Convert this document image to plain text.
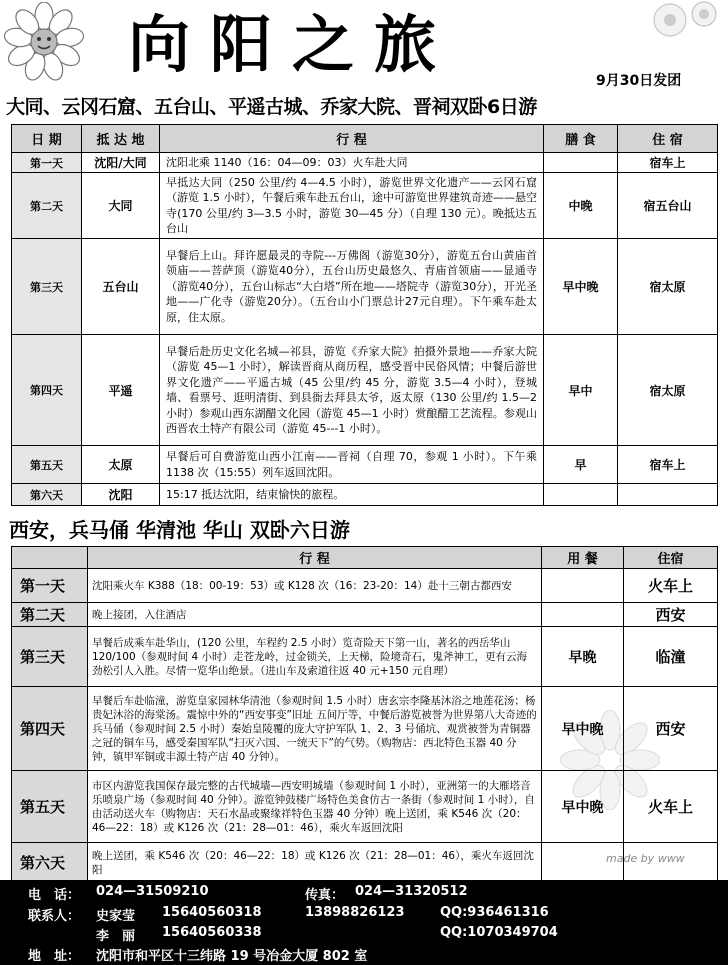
向阳之旅	9月30日发团
大同、云冈石窟、五台山、平遥古城、乔家大院、晋祠双卧6日游
日 期	抵 达 地	行 程	膳 食	住 宿
第一天	沈阳/大同	沈阳北乘 1140（16：04—09：03）火车赴大同		宿车上
第二天	大同	早抵达大同（250 公里/约 4—4.5 小时），游览世界文化遗产——云冈石窟（游览 1.5 小时），午餐后乘车赴五台山，途中可游览世界建筑奇迹——悬空寺(170 公里/约 3—3.5 小时，游览 30—45 分）（自理 130 元）。晚抵达五台山	中晚	宿五台山
第三天	五台山	早餐后上山。拜许愿最灵的寺院---万佛阁（游览30分），游览五台山黄庙首领庙——菩萨顶（游览40分），五台山历史最悠久、青庙首领庙——显通寺（游览40分），五台山标志“大白塔”所在地——塔院寺（游览30分），开光圣地——广化寺（游览20分）。（五台山小门票总计27元自理）。下午乘车赴太原，住太原。	早中晚	宿太原
第四天	平遥	早餐后赴历史文化名城—祁县，游览《乔家大院》拍摄外景地——乔家大院（游览 45—1 小时），解读晋商从商历程，感受晋中民俗风情；中餐后游世界文化遗产——平遥古城（45 公里/约 45 分，游览 3.5—4 小时），登城墙、看票号、逛明清街、到县衙去拜县太爷，返太原（130 公里/约 1.5—2 小时）参观山西东湖醋文化园（游览 45—1 小时）赏酿醋工艺流程。参观山西晋农土特产有限公司（游览 45---1 小时）。	早中	宿太原
第五天	太原	早餐后可自费游览山西小江南——晋祠（自理 70，参观 1 小时）。下午乘 1138 次（15:55）列车返回沈阳。	早	宿车上
第六天	沈阳	15:17 抵达沈阳，结束愉快的旅程。		
西安，兵马俑 华清池 华山 双卧六日游
	行 程	用 餐	住宿
第一天	沈阳乘火车 K388（18：00-19：53）或 K128 次（16：23-20：14）赴十三朝古都西安		火车上
第二天	晚上接团，入住酒店		西安
第三天	早餐后成乘车赴华山，(120 公里，车程约 2.5 小时）览奇险天下第一山，著名的西岳华山 120/100（参观时间 4 小时）走苍龙岭，过金锁关，上天梯，险境奇石，鬼斧神工，更有云海劲松引人入胜。尽情一览华山绝景。（进山车及索道往返 40 元+150 元自理）	早晚	临潼
第四天	早餐后车赴临潼，游览皇家园林华清池（参观时间 1.5 小时）唐玄宗李隆基沐浴之地莲花汤；杨贵妃沐浴的海棠汤。震惊中外的“西安事变”旧址 五间厅等，中餐后游览被誉为世界第八大奇迹的兵马俑（参观时间 2.5 小时）秦始皇陵覆的庞大守护军队 1、2、3 号俑坑、观赏被誉为青铜器之冠的铜车马，感受秦国军队“扫灭六国、一统天下”的气势。（购物店：西北特色玉器 40 分钟，镇甲军铜或丰源土特产店 40 分钟）。	早中晚	西安
第五天	市区内游览我国保存最完整的古代城墙—西安明城墙（参观时间 1 小时），亚洲第一的大雁塔音乐喷泉广场（参观时间 40 分钟）。游览钟鼓楼广场特色美食仿古一条街（参观时间 1 小时），自由活动送火车（购物店：天石水晶或聚缘祥特色玉器 40 分钟）晚上送团，乘 K546 次（20：46—22：18）或 K126 次（21：28—01：46），乘火车返回沈阳	早中晚	火车上
第六天	晚上送团，乘 K546 次（20：46—22：18）或 K126 次（21：28—01：46），乘火车返回沈阳		
made by www
电　话： 024—31509210	传真： 024—31320512
联系人： 史家莹 15640560318	13898826123	QQ:936461316
李　丽 15640560338	QQ:1070349704
地　址： 沈阳市和平区十三纬路 19 号冶金大厦 802 室
